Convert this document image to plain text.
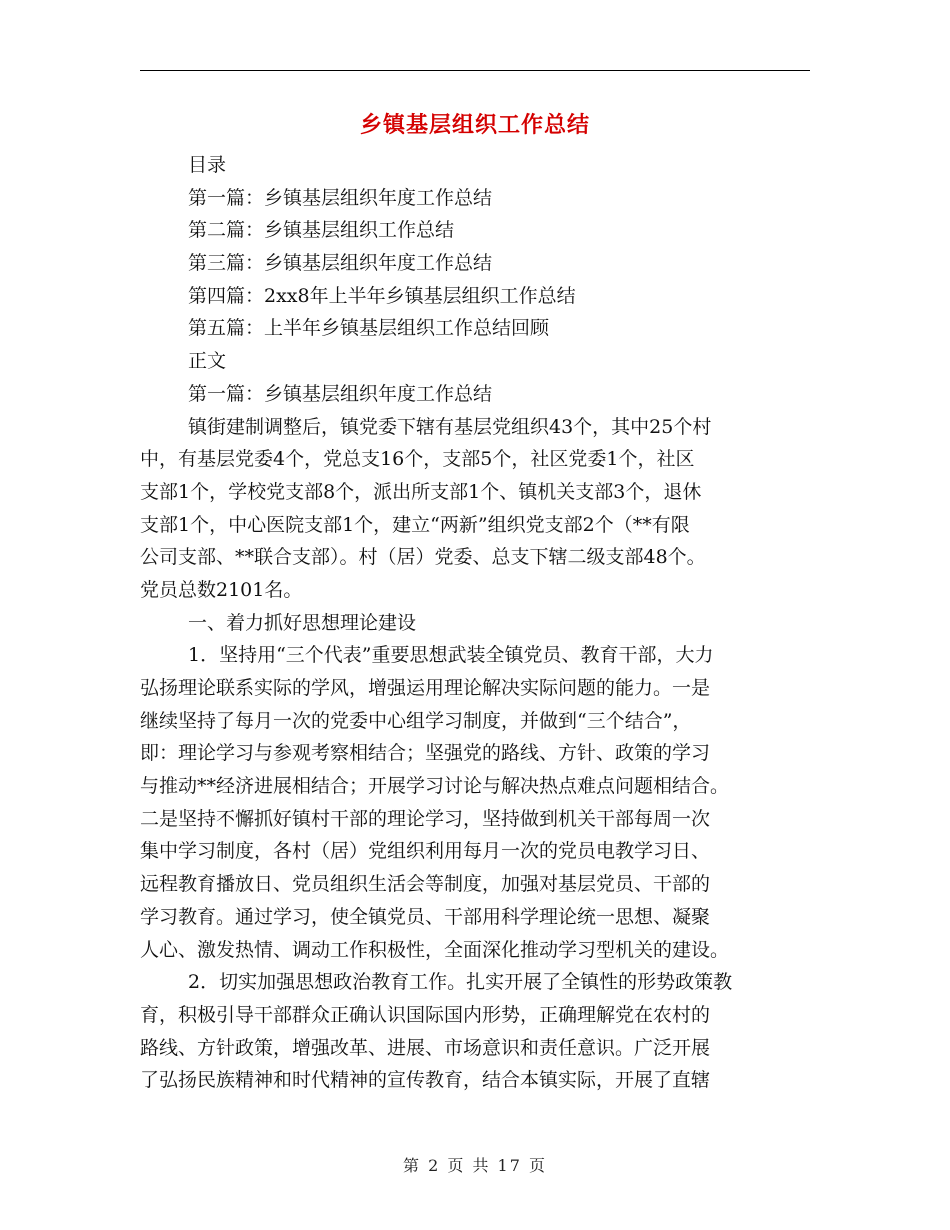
乡镇基层组织工作总结
目录
第一篇：乡镇基层组织年度工作总结
第二篇：乡镇基层组织工作总结
第三篇：乡镇基层组织年度工作总结
第四篇：2xx8年上半年乡镇基层组织工作总结
第五篇：上半年乡镇基层组织工作总结回顾
正文
第一篇：乡镇基层组织年度工作总结
镇街建制调整后，镇党委下辖有基层党组织43个，其中25个村
中，有基层党委4个，党总支16个，支部5个，社区党委1个，社区
支部1个，学校党支部8个，派出所支部1个、镇机关支部3个，退休
支部1个，中心医院支部1个，建立“两新”组织党支部2个（**有限
公司支部、**联合支部）。村（居）党委、总支下辖二级支部48个。
党员总数2101名。
一、着力抓好思想理论建设
1．坚持用“三个代表”重要思想武装全镇党员、教育干部，大力
弘扬理论联系实际的学风，增强运用理论解决实际问题的能力。一是
继续坚持了每月一次的党委中心组学习制度，并做到“三个结合”，
即：理论学习与参观考察相结合；坚强党的路线、方针、政策的学习
与推动**经济进展相结合；开展学习讨论与解决热点难点问题相结合。
二是坚持不懈抓好镇村干部的理论学习，坚持做到机关干部每周一次
集中学习制度，各村（居）党组织利用每月一次的党员电教学习日、
远程教育播放日、党员组织生活会等制度，加强对基层党员、干部的
学习教育。通过学习，使全镇党员、干部用科学理论统一思想、凝聚
人心、激发热情、调动工作积极性，全面深化推动学习型机关的建设。
2．切实加强思想政治教育工作。扎实开展了全镇性的形势政策教
育，积极引导干部群众正确认识国际国内形势，正确理解党在农村的
路线、方针政策，增强改革、进展、市场意识和责任意识。广泛开展
了弘扬民族精神和时代精神的宣传教育，结合本镇实际，开展了直辖
第 2 页 共 17 页
